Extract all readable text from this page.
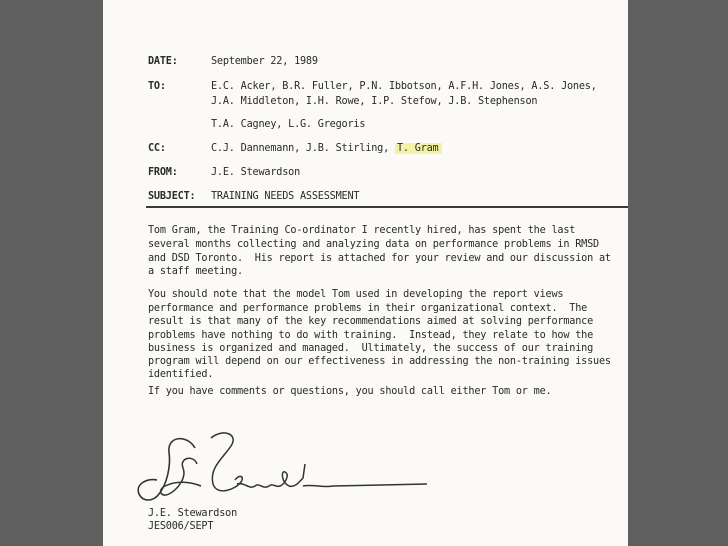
DATE:	September 22, 1989
TO:	E.C. Acker, B.R. Fuller, P.N. Ibbotson, A.F.H. Jones, A.S. Jones,
J.A. Middleton, I.H. Rowe, I.P. Stefow, J.B. Stephenson
T.A. Cagney, L.G. Gregoris
CC:	C.J. Dannemann, J.B. Stirling, T. Gram
FROM:	J.E. Stewardson
SUBJECT: TRAINING NEEDS ASSESSMENT
Tom Gram, the Training Co-ordinator I recently hired, has spent the last
several months collecting and analyzing data on performance problems in RMSD
and DSD Toronto.  His report is attached for your review and our discussion at
a staff meeting.
You should note that the model Tom used in developing the report views
performance and performance problems in their organizational context.  The
result is that many of the key recommendations aimed at solving performance
problems have nothing to do with training.  Instead, they relate to how the
business is organized and managed.  Ultimately, the success of our training
program will depend on our effectiveness in addressing the non-training issues
identified.
If you have comments or questions, you should call either Tom or me.
J.E. Stewardson
JES006/SEPT
